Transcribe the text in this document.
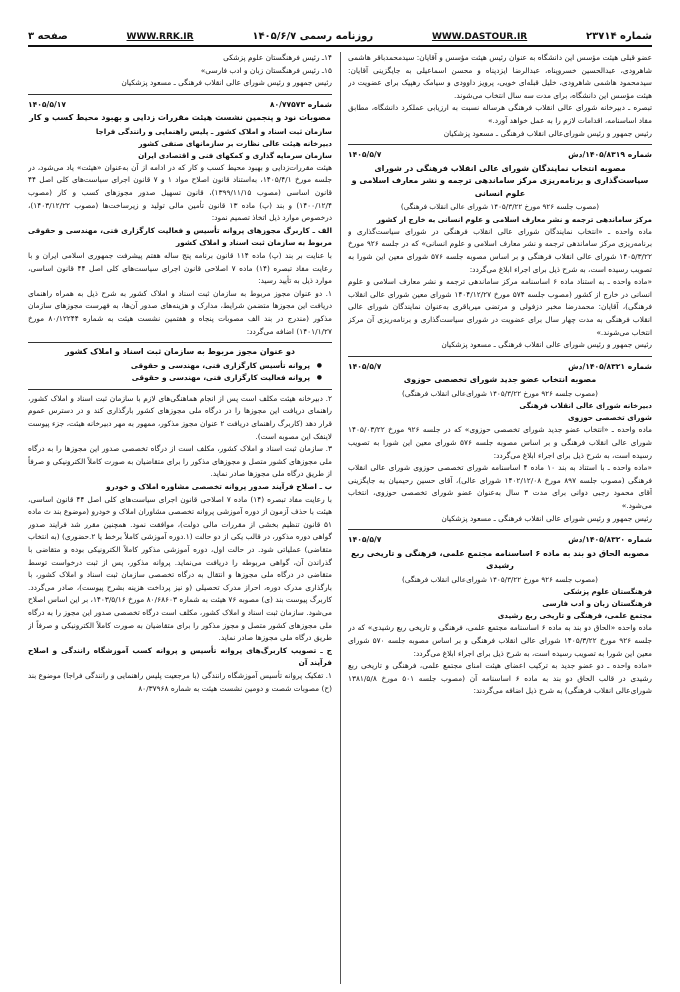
شماره ۲۳۷۱۴
WWW.DASTOUR.IR
روزنامه رسمی ۱۴۰۵/۶/۷
WWW.RRK.IR
صفحه ۳

عضو قبلی هیئت مؤسس این دانشگاه به عنوان رئیس هیئت مؤسس و آقایان: سیدمحمدباقر هاشمی شاهرودی، عبدالحسین خسروپناه، عبدالرضا ایزدپناه و محسن اسماعیلی به جایگزینی آقایان: سیدمحمود هاشمی شاهرودی، خلیل قبله‌ای خویی، پرویز داوودی و سیامک رهپیک برای عضویت در هیئت مؤسس این دانشگاه، برای مدت سه سال انتخاب می‌شوند.

تبصره ـ دبیرخانه شورای عالی انقلاب فرهنگی هرساله نسبت به ارزیابی عملکرد دانشگاه، مطابق مفاد اساسنامه، اقدامات لازم را به عمل خواهد آورد.»

رئیس جمهور و رئیس شورای‌عالی انقلاب فرهنگی ـ مسعود پزشکیان

شماره ۱۴۰۵/۸۳۱۹/دش
۱۴۰۵/۵/۷
مصوبه انتخاب نمایندگان شورای عالی انقلاب فرهنگی در شورای سیاست‌گذاری و برنامه‌ریزی مرکز ساماندهی ترجمه و نشر معارف اسلامی و علوم انسانی
(مصوب جلسه ۹۲۶ مورخ ۱۴۰۵/۳/۲۲ شورای عالی انقلاب فرهنگی)
مرکز ساماندهی ترجمه و نشر معارف اسلامی و علوم انسانی به خارج از کشور

ماده واحده ـ «انتخاب نمایندگان شورای عالی انقلاب فرهنگی در شورای سیاست‌گذاری و برنامه‌ریزی مرکز ساماندهی ترجمه و نشر معارف اسلامی و علوم انسانی» که در جلسه ۹۲۶ مورخ ۱۴۰۵/۳/۲۲ شورای عالی انقلاب فرهنگی و بر اساس مصوبه جلسه ۵۷۶ شورای معین این شورا به تصویب رسیده است، به شرح ذیل برای اجراء ابلاغ می‌گردد:

«ماده واحده ـ به استناد ماده ۶ اساسنامه مرکز ساماندهی ترجمه و نشر معارف اسلامی و علوم انسانی در خارج از کشور (مصوب جلسه ۵۷۴ مورخ ۱۴۰۴/۱۲/۲۷ شورای معین شورای عالی انقلاب فرهنگی)، آقایان: محمدرضا مخبر دزفولی و مرتضی میرباقری به‌عنوان نمایندگان شورای عالی انقلاب فرهنگی به مدت چهار سال برای عضویت در شورای سیاست‌گذاری و برنامه‌ریزی آن مرکز انتخاب می‌شوند.»

رئیس جمهور و رئیس شورای عالی انقلاب فرهنگی ـ مسعود پزشکیان

شماره ۱۴۰۵/۸۳۲۱/دش
۱۴۰۵/۵/۷
مصوبه انتخاب عضو جدید شورای تخصصی حوزوی
(مصوب جلسه ۹۲۶ مورخ ۱۴۰۵/۳/۲۲ شورای‌عالی انقلاب فرهنگی)
دبیرخانه شورای عالی انقلاب فرهنگی
شورای تخصصی حوزوی

ماده واحده ـ «انتخاب عضو جدید شورای تخصصی حوزوی» که در جلسه ۹۲۶ مورخ ۱۴۰۵/۰۳/۲۲ شورای عالی انقلاب فرهنگی و بر اساس مصوبه جلسه ۵۷۶ شورای معین این شورا به تصویب رسیده است، به شرح ذیل برای اجراء ابلاغ می‌گردد:

«ماده واحده ـ با استناد به بند ۱۰ ماده ۴ اساسنامه شورای تخصصی حوزوی شورای عالی انقلاب فرهنگی (مصوب جلسه ۸۹۷ مورخ ۱۴۰۲/۱۲/۰۸ شورای عالی)، آقای حسین رحیمیان به جایگزینی آقای محمود رجبی دوانی برای مدت ۳ سال به‌عنوان عضو شورای تخصصی حوزوی، انتخاب می‌شود.»

رئیس جمهور و رئیس شورای عالی انقلاب فرهنگی ـ مسعود پزشکیان

شماره ۱۴۰۵/۸۳۲۰/دش
۱۴۰۵/۵/۷
مصوبه الحاق دو بند به ماده ۶ اساسنامه مجتمع علمی، فرهنگی و تاریخی ربع رشیدی
(مصوب جلسه ۹۲۶ مورخ ۱۴۰۵/۳/۲۲ شورای‌عالی انقلاب فرهنگی)
فرهنگستان علوم پزشکی
فرهنگستان زبان و ادب فارسی
مجتمع علمی، فرهنگی و تاریخی ربع رشیدی

ماده واحده «الحاق دو بند به ماده ۶ اساسنامه مجتمع علمی، فرهنگی و تاریخی ربع رشیدی» که در جلسه ۹۲۶ مورخ ۱۴۰۵/۳/۲۲ شورای عالی انقلاب فرهنگی و بر اساس مصوبه جلسه ۵۷۰ شورای معین این شورا به تصویب رسیده است، به شرح ذیل برای اجراء ابلاغ می‌گردد:

«ماده واحده ـ دو عضو جدید به ترکیب اعضای هیئت امنای مجتمع علمی، فرهنگی و تاریخی ربع رشیدی در قالب الحاق دو بند به ماده ۶ اساسنامه آن (مصوب جلسه ۵۰۱ مورخ ۱۳۸۱/۵/۸ شورای‌عالی انقلاب فرهنگی) به شرح ذیل اضافه می‌گردند:

۱۴ـ رئیس فرهنگستان علوم پزشکی

۱۵ـ رئیس فرهنگستان زبان و ادب فارسی»

رئیس جمهور و رئیس شورای عالی انقلاب فرهنگی ـ مسعود پزشکیان

شماره ۸۰/۷۷۵۷۳
۱۴۰۵/۵/۱۷
مصوبات نود و پنجمین نشست هیئت مقررات زدایی و بهبود محیط کسب و کار
سازمان ثبت اسناد و املاک کشور ـ پلیس راهنمایی و رانندگی فراجا
دبیرخانه هیئت عالی نظارت بر سازمانهای صنفی کشور
سازمان سرمایه گذاری و کمکهای فنی و اقتصادی ایران

هیئت مقررات‌زدایی و بهبود محیط کسب و کار که در ادامه از آن به‌عنوان «هیئت» یاد می‌شود، در جلسه مورخ ۱۴۰۵/۴/۱، به‌استناد قانون اصلاح مواد ۱ و ۷ قانون اجرای سیاست‌های کلی اصل ۴۴ قانون اساسی (مصوب ۱۳۹۹/۱۱/۱۵)، قانون تسهیل صدور مجوزهای کسب و کار (مصوب ۱۴۰۰/۱۲/۴) و بند (پ) ماده ۱۳ قانون تأمین مالی تولید و زیرساخت‌ها (مصوب ۱۴۰۳/۱۲/۲۲)، درخصوص موارد ذیل اتخاذ تصمیم نمود:

الف ـ کاربرگ مجوزهای پروانه تأسیس و فعالیت کارگزاری فنی، مهندسی و حقوقی مربوط به سازمان ثبت اسناد و املاک کشور

با عنایت بر بند (پ) ماده ۱۱۴ قانون برنامه پنج ساله هفتم پیشرفت جمهوری اسلامی ایران و با رعایت مفاد تبصره (۱۴) ماده ۷ اصلاحی قانون اجرای سیاست‌های کلی اصل ۴۴ قانون اساسی، موارد ذیل به تأیید رسید:

۱. دو عنوان مجوز مربوط به سازمان ثبت اسناد و املاک کشور به شرح ذیل به همراه راهنمای دریافت این مجوزها متضمن شرایط، مدارک و هزینه‌های صدور آن‌ها، به فهرست مجوزهای سازمان مذکور (مندرج در بند الف مصوبات پنجاه و هفتمین نشست هیئت به شماره ۸۰/۱۲۲۴۴ مورخ ۱۴۰۱/۱/۲۷) اضافه می‌گردد:

دو عنوان مجوز مربوط به سازمان ثبت اسناد و املاک کشور
● پروانه تأسیس کارگزاری فنی، مهندسی و حقوقی
● پروانه فعالیت کارگزاری فنی، مهندسی و حقوقی

۲. دبیرخانه هیئت مکلف است پس از انجام هماهنگی‌های لازم با سازمان ثبت اسناد و املاک کشور، راهنمای دریافت این مجوزها را در درگاه ملی مجوزهای کشور بارگذاری کند و در دسترس عموم قرار دهد (کاربرگ راهنمای دریافت ۲ عنوان مجوز مذکور، ممهور به مهر دبیرخانه هیئت، جزء پیوست لاینفک این مصوبه است).

۳. سازمان ثبت اسناد و املاک کشور، مکلف است از درگاه تخصصی صدور این مجوزها را به درگاه ملی مجوزهای کشور متصل و مجوزهای مذکور را برای متقاضیان به صورت کاملاً الکترونیکی و صرفاً از طریق درگاه ملی مجوزها صادر نماید.

ب ـ اصلاح فرآیند صدور پروانه تخصصی مشاوره املاک و خودرو

با رعایت مفاد تبصره (۱۴) ماده ۷ اصلاحی قانون اجرای سیاست‌های کلی اصل ۴۴ قانون اساسی، هیئت با حذف آزمون از دوره آموزشی پروانه تخصصی مشاوران املاک و خودرو (موضوع بند ث ماده ۵۱ قانون تنظیم بخشی از مقررات مالی دولت)، موافقت نمود. همچنین مقرر شد فرایند صدور گواهی دوره مذکور، در قالب یکی از دو حالت (۱.دوره آموزشی کاملاً برخط یا ۲.حضوری) (به انتخاب متقاضی) عملیاتی شود. در حالت اول، دوره آموزشی مذکور کاملاً الکترونیکی بوده و متقاضی با گذراندن آن، گواهی مربوطه را دریافت می‌نماید. پروانه مذکور، پس از ثبت درخواست توسط متقاضی در درگاه ملی مجوزها و انتقال به درگاه تخصصی سازمان ثبت اسناد و املاک کشور، با بارگذاری مدرک دوره، احراز مدرک تحصیلی (و نیز پرداخت هزینه بشرح پیوست)، صادر می‌گردد. کاربرگ پیوست بند (ی) مصوبه ۷۶ هیئت به شماره ۸۰/۶۸۶۰۳ مورخ ۱۴۰۳/۵/۱۶، بر این اساس اصلاح می‌شود. سازمان ثبت اسناد و املاک کشور، مکلف است درگاه تخصصی صدور این مجوز را به درگاه ملی مجوزهای کشور متصل و مجوز مذکور را برای متقاضیان به صورت کاملاً الکترونیکی و صرفاً از طریق درگاه ملی مجوزها صادر نماید.

ج ـ تصویب کاربرگ‌های پروانه تأسیس و پروانه کسب آموزشگاه رانندگی و اصلاح فرآیند آن

۱. تفکیک پروانه تأسیس آموزشگاه رانندگی (با مرجعیت پلیس راهنمایی و رانندگی فراجا) موضوع بند (ح) مصوبات شصت و دومین نشست هیئت به شماره ۸۰/۳۷۹۶۸
